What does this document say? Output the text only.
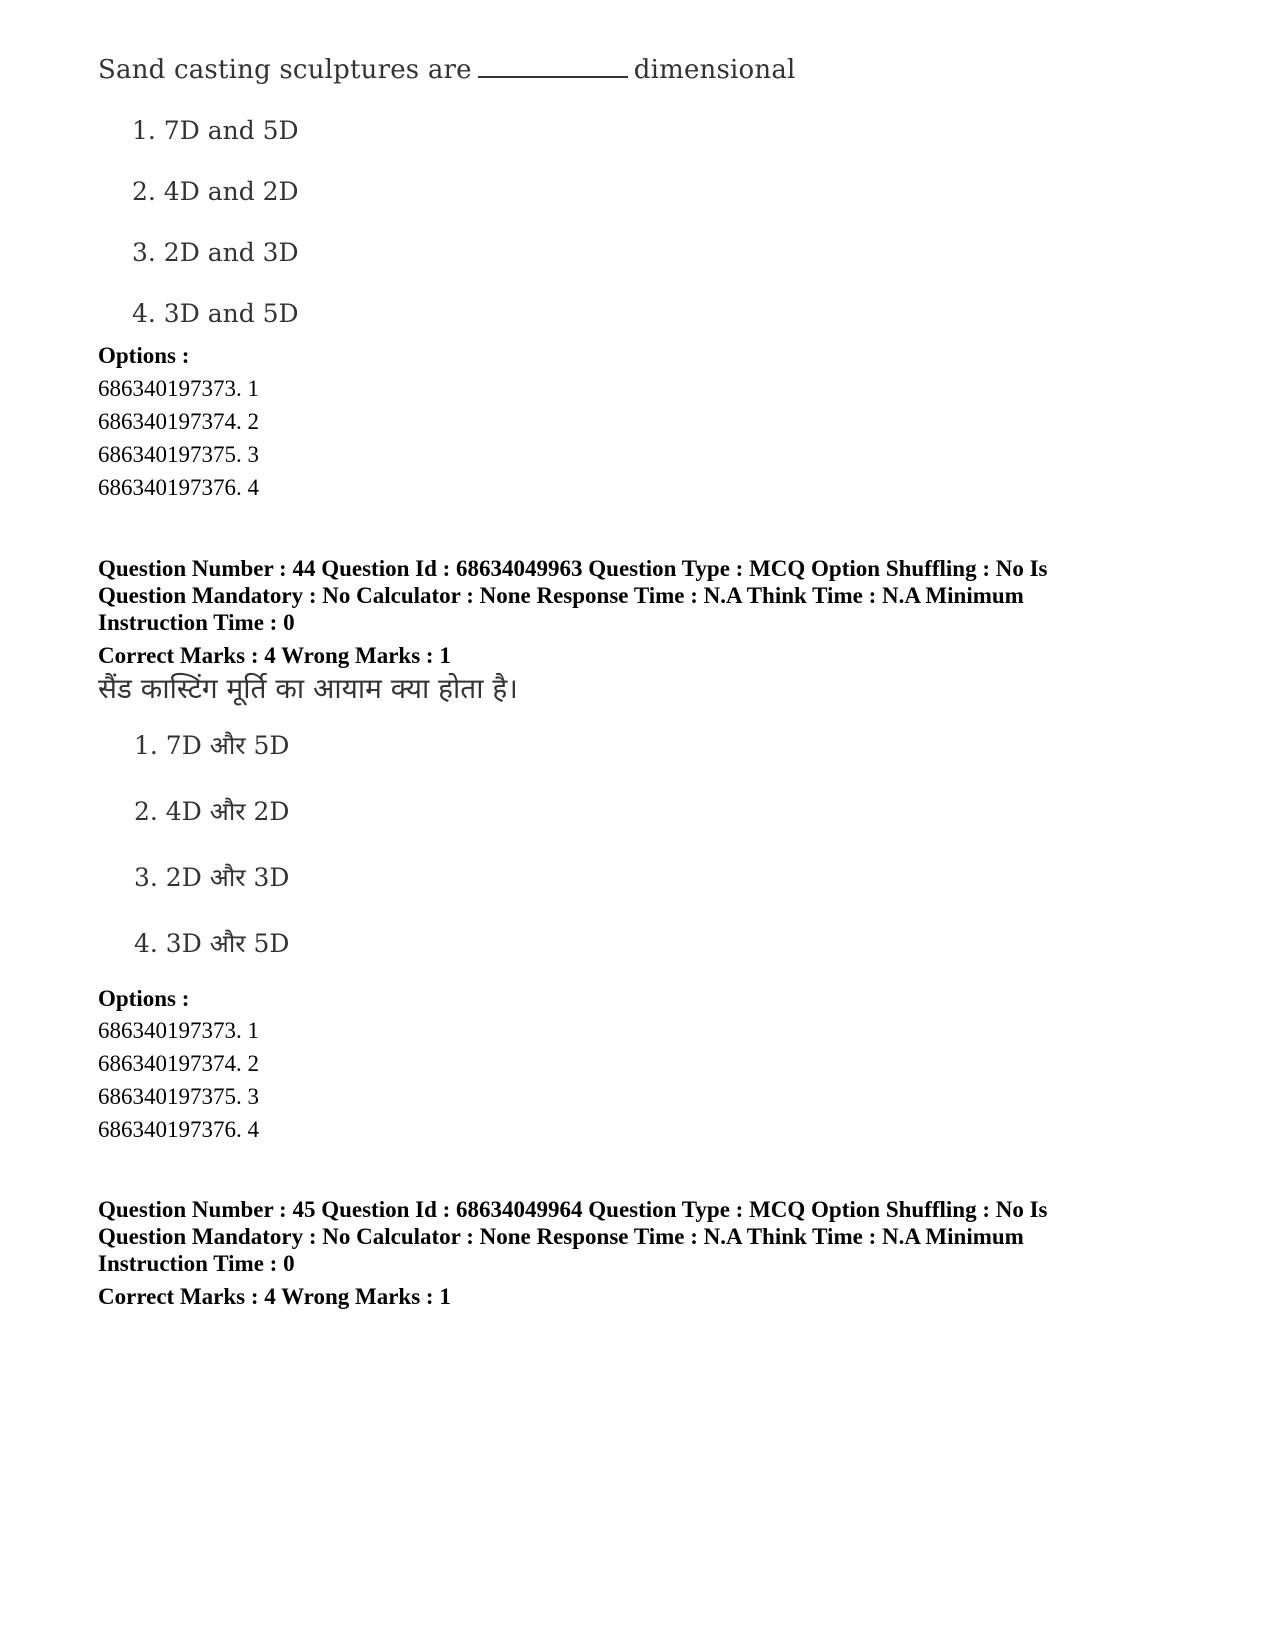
Sand casting sculptures are	dimensional
1. 7D and 5D
2. 4D and 2D
3. 2D and 3D
4. 3D and 5D
Options :
686340197373. 1
686340197374. 2
686340197375. 3
686340197376. 4
Question Number : 44 Question Id : 68634049963 Question Type : MCQ Option Shuffling : No Is
Question Mandatory : No Calculator : None Response Time : N.A Think Time : N.A Minimum
Instruction Time : 0
Correct Marks : 4 Wrong Marks : 1
सैंड कास्टिंग मूर्ति का आयाम क्या होता है।
1. 7D और 5D
2. 4D और 2D
3. 2D और 3D
4. 3D और 5D
Options :
686340197373. 1
686340197374. 2
686340197375. 3
686340197376. 4
Question Number : 45 Question Id : 68634049964 Question Type : MCQ Option Shuffling : No Is
Question Mandatory : No Calculator : None Response Time : N.A Think Time : N.A Minimum
Instruction Time : 0
Correct Marks : 4 Wrong Marks : 1
